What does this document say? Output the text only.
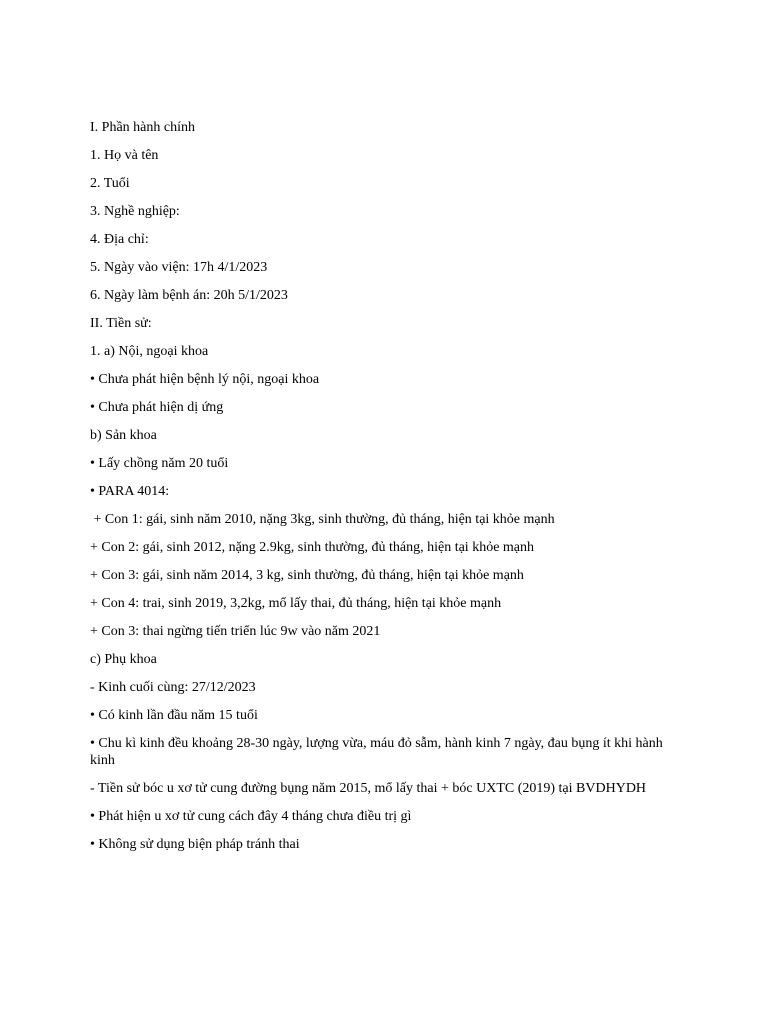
I. Phần hành chính

1. Họ và tên

2. Tuổi

3. Nghề nghiệp:

4. Địa chỉ:

5. Ngày vào viện: 17h 4/1/2023

6. Ngày làm bệnh án: 20h 5/1/2023

II. Tiền sử:

1. a) Nội, ngoại khoa

• Chưa phát hiện bệnh lý nội, ngoại khoa

• Chưa phát hiện dị ứng

b) Sản khoa

• Lấy chồng năm 20 tuổi

• PARA 4014:

+ Con 1: gái, sinh năm 2010, nặng 3kg, sinh thường, đủ tháng, hiện tại khỏe mạnh

+ Con 2: gái, sinh 2012, nặng 2.9kg, sinh thường, đủ tháng, hiện tại khỏe mạnh

+ Con 3: gái, sinh năm 2014, 3 kg, sinh thường, đủ tháng, hiện tại khỏe mạnh

+ Con 4: trai, sinh 2019, 3,2kg, mổ lấy thai, đủ tháng, hiện tại khỏe mạnh

+ Con 3: thai ngừng tiến triển lúc 9w vào năm 2021

c) Phụ khoa

- Kinh cuối cùng: 27/12/2023

• Có kinh lần đầu năm 15 tuổi

• Chu kì kinh đều khoảng 28-30 ngày, lượng vừa, máu đỏ sẫm, hành kinh 7 ngày, đau bụng ít khi hành kinh

- Tiền sử bóc u xơ tử cung đường bụng năm 2015, mổ lấy thai + bóc UXTC (2019) tại BVDHYDH

• Phát hiện u xơ tử cung cách đây 4 tháng chưa điều trị gì

• Không sử dụng biện pháp tránh thai
